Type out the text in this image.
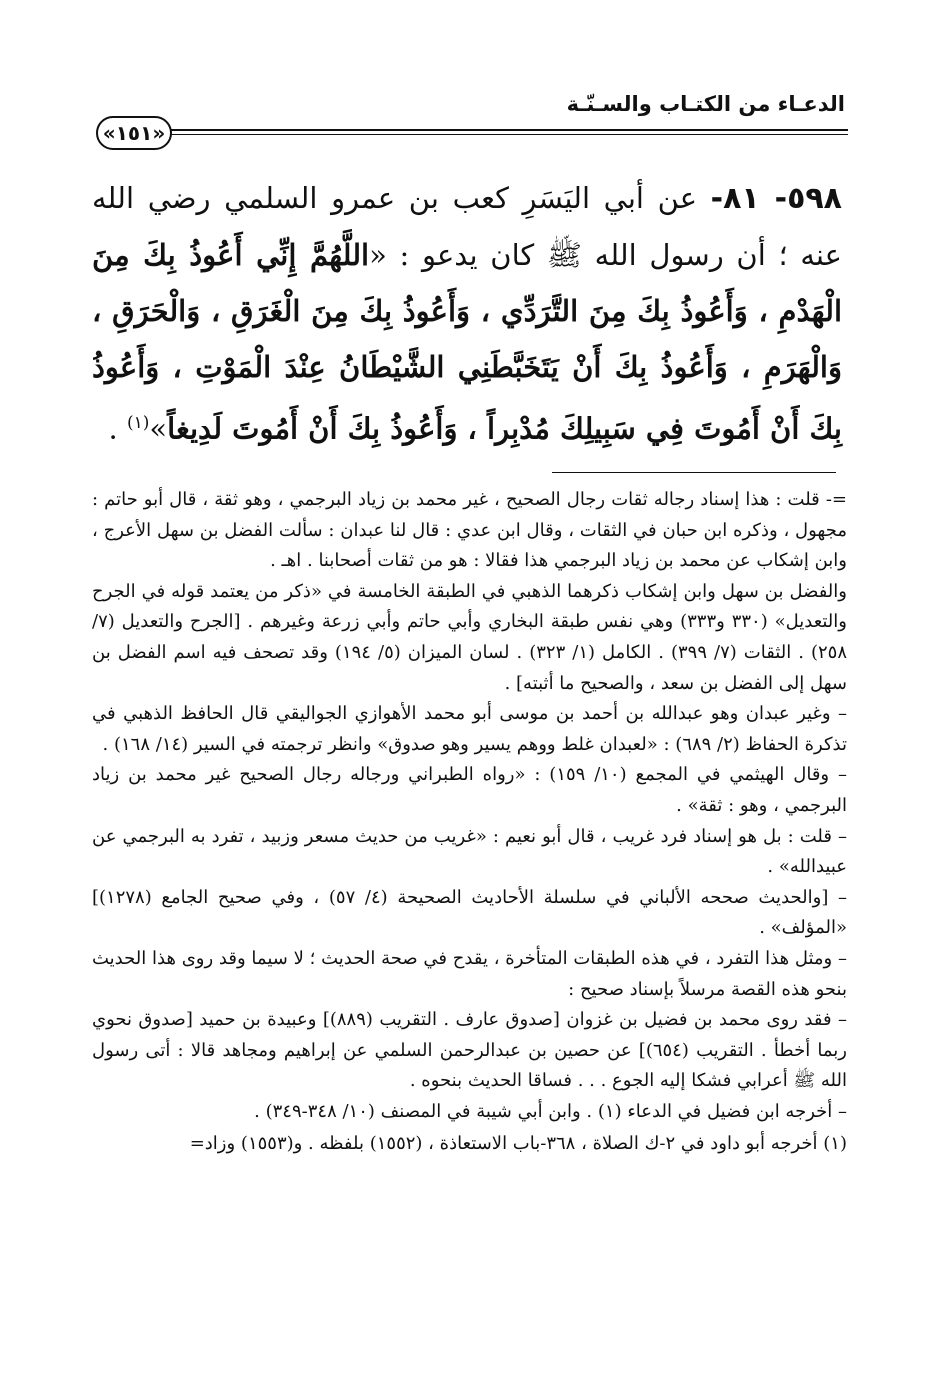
الدعـاء من الكتـاب والسـنّـة
«١٥١»
٥٩٨- ٨١- عن أبي اليَسَرِ كعب بن عمرو السلمي رضي الله عنه ؛ أن رسول الله ﷺ كان يدعو : «اللَّهُمَّ إِنِّي أَعُوذُ بِكَ مِنَ الْهَدْمِ ، وَأَعُوذُ بِكَ مِنَ التَّرَدِّي ، وَأَعُوذُ بِكَ مِنَ الْغَرَقِ ، وَالْحَرَقِ ، وَالْهَرَمِ ، وَأَعُوذُ بِكَ أَنْ يَتَخَبَّطَنِي الشَّيْطَانُ عِنْدَ الْمَوْتِ ، وَأَعُوذُ بِكَ أَنْ أَمُوتَ فِي سَبِيلِكَ مُدْبِراً ، وَأَعُوذُ بِكَ أَنْ أَمُوتَ لَدِيغاً»$^{(١)}$ .

=- قلت : هذا إسناد رجاله ثقات رجال الصحيح ، غير محمد بن زياد البرجمي ، وهو ثقة ، قال أبو حاتم : مجهول ، وذكره ابن حبان في الثقات ، وقال ابن عدي : قال لنا عبدان : سألت الفضل بن سهل الأعرج ، وابن إشكاب عن محمد بن زياد البرجمي هذا فقالا : هو من ثقات أصحابنا . اهـ .

والفضل بن سهل وابن إشكاب ذكرهما الذهبي في الطبقة الخامسة في «ذكر من يعتمد قوله في الجرح والتعديل» (٣٣٠ و٣٣٣) وهي نفس طبقة البخاري وأبي حاتم وأبي زرعة وغيرهم . [الجرح والتعديل (٧/ ٢٥٨) . الثقات (٧/ ٣٩٩) . الكامل (١/ ٣٢٣) . لسان الميزان (٥/ ١٩٤) وقد تصحف فيه اسم الفضل بن سهل إلى الفضل بن سعد ، والصحيح ما أثبته] .

– وغير عبدان وهو عبدالله بن أحمد بن موسى أبو محمد الأهوازي الجواليقي قال الحافظ الذهبي في تذكرة الحفاظ (٢/ ٦٨٩) : «لعبدان غلط ووهم يسير وهو صدوق» وانظر ترجمته في السير (١٤/ ١٦٨) .

– وقال الهيثمي في المجمع (١٠/ ١٥٩) : «رواه الطبراني ورجاله رجال الصحيح غير محمد بن زياد البرجمي ، وهو : ثقة» .

– قلت : بل هو إسناد فرد غريب ، قال أبو نعيم : «غريب من حديث مسعر وزبيد ، تفرد به البرجمي عن عبيدالله» .

– [والحديث صححه الألباني في سلسلة الأحاديث الصحيحة (٤/ ٥٧) ، وفي صحيح الجامع (١٢٧٨)] «المؤلف» .

– ومثل هذا التفرد ، في هذه الطبقات المتأخرة ، يقدح في صحة الحديث ؛ لا سيما وقد روى هذا الحديث بنحو هذه القصة مرسلاً بإسناد صحيح :

– فقد روى محمد بن فضيل بن غزوان [صدوق عارف . التقريب (٨٨٩)] وعبيدة بن حميد [صدوق نحوي ربما أخطأ . التقريب (٦٥٤)] عن حصين بن عبدالرحمن السلمي عن إبراهيم ومجاهد قالا : أتى رسول الله ﷺ أعرابي فشكا إليه الجوع . . . فساقا الحديث بنحوه .

– أخرجه ابن فضيل في الدعاء (١) . وابن أبي شيبة في المصنف (١٠/ ٣٤٨-٣٤٩) .

(١) أخرجه أبو داود في ٢-ك الصلاة ، ٣٦٨-باب الاستعاذة ، (١٥٥٢) بلفظه . و(١٥٥٣) وزاد=
